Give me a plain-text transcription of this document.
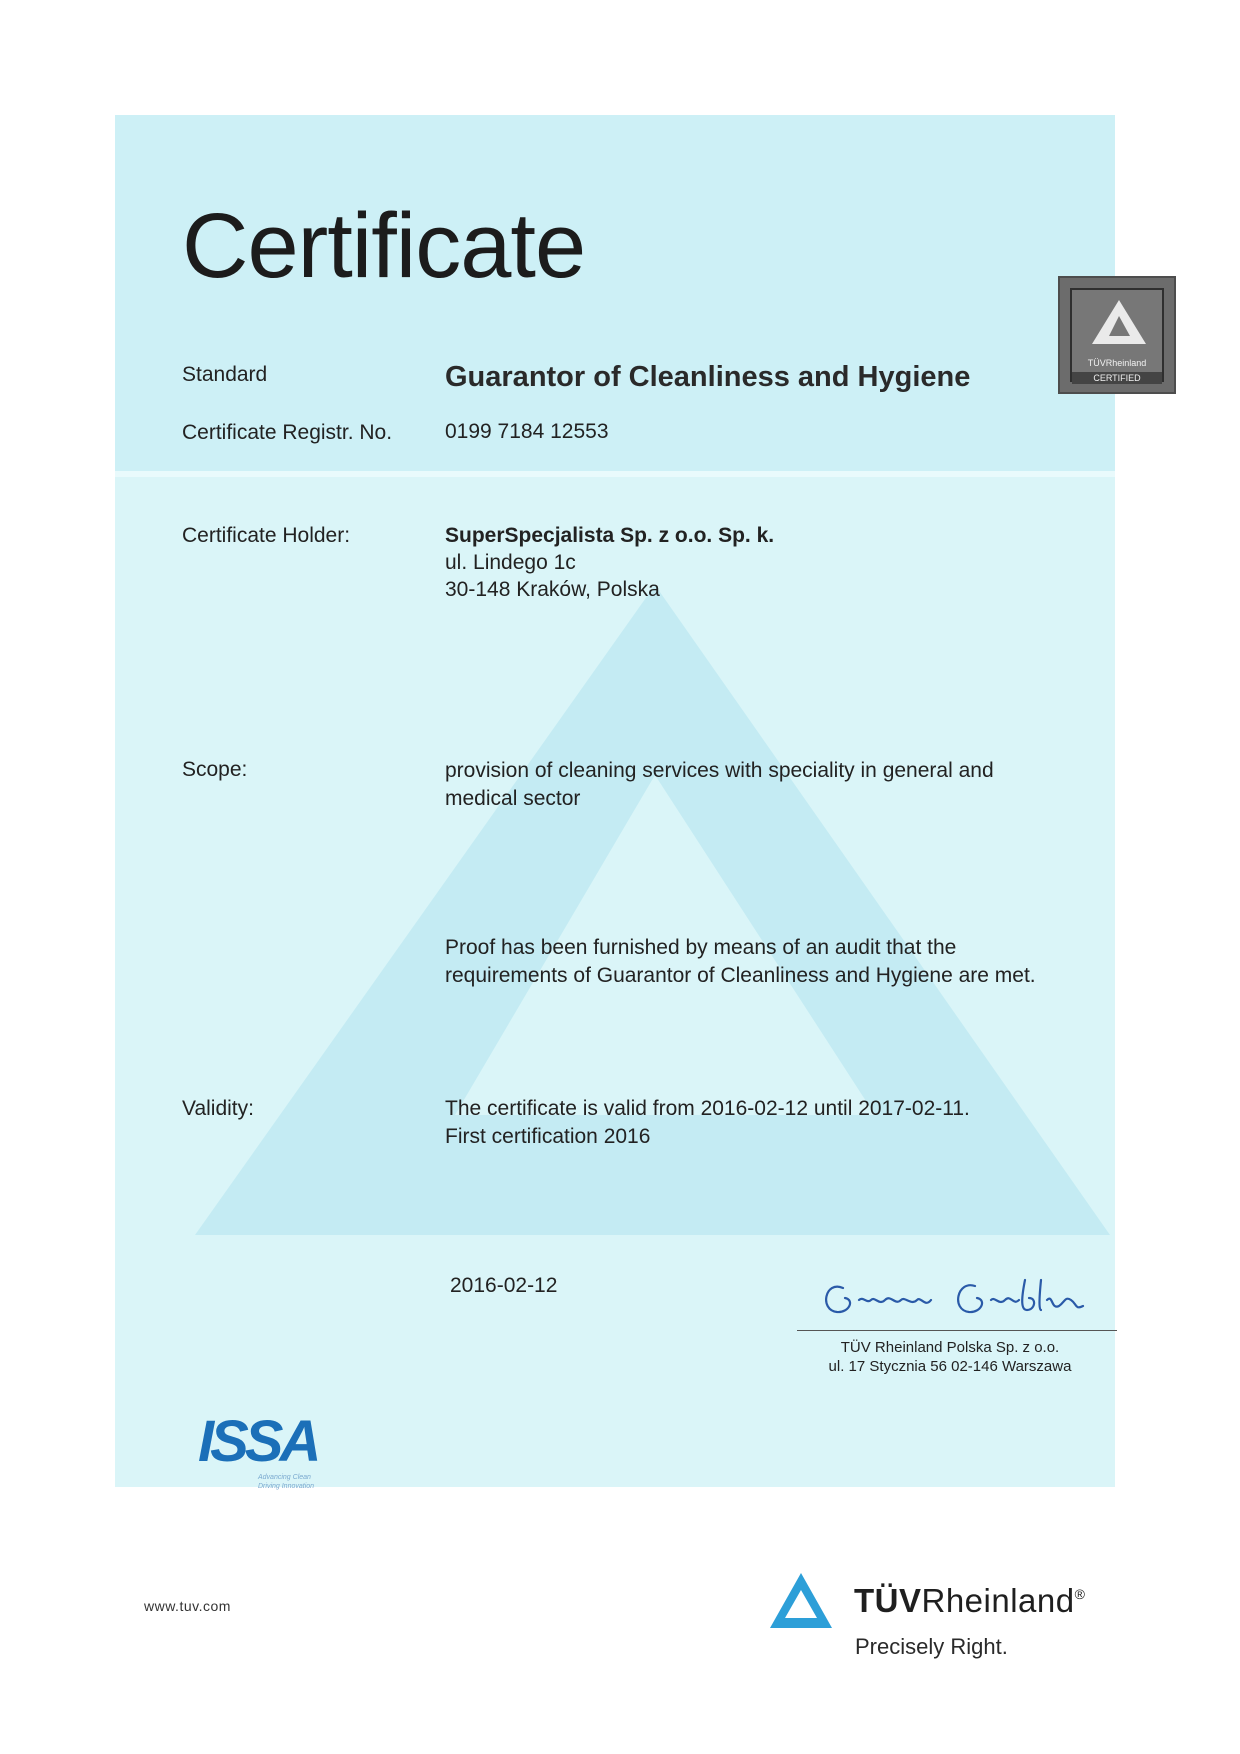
Certificate
TÜVRheinland
CERTIFIED
Standard	Guarantor of Cleanliness and Hygiene
Certificate Registr. No.	0199 7184 12553
Certificate Holder:	SuperSpecjalista Sp. z o.o. Sp. k.
ul. Lindego 1c
30-148 Kraków, Polska
Scope:	provision of cleaning services with speciality in general and
medical sector
Proof has been furnished by means of an audit that the
requirements of Guarantor of Cleanliness and Hygiene are met.
Validity:	The certificate is valid from 2016-02-12 until 2017-02-11.
First certification 2016
2016-02-12
TÜV Rheinland Polska Sp. z o.o.
ul. 17 Stycznia 56 02-146 Warszawa
ISSA
Advancing Clean
Driving Innovation
www.tuv.com	TÜVRheinland®
Precisely Right.
